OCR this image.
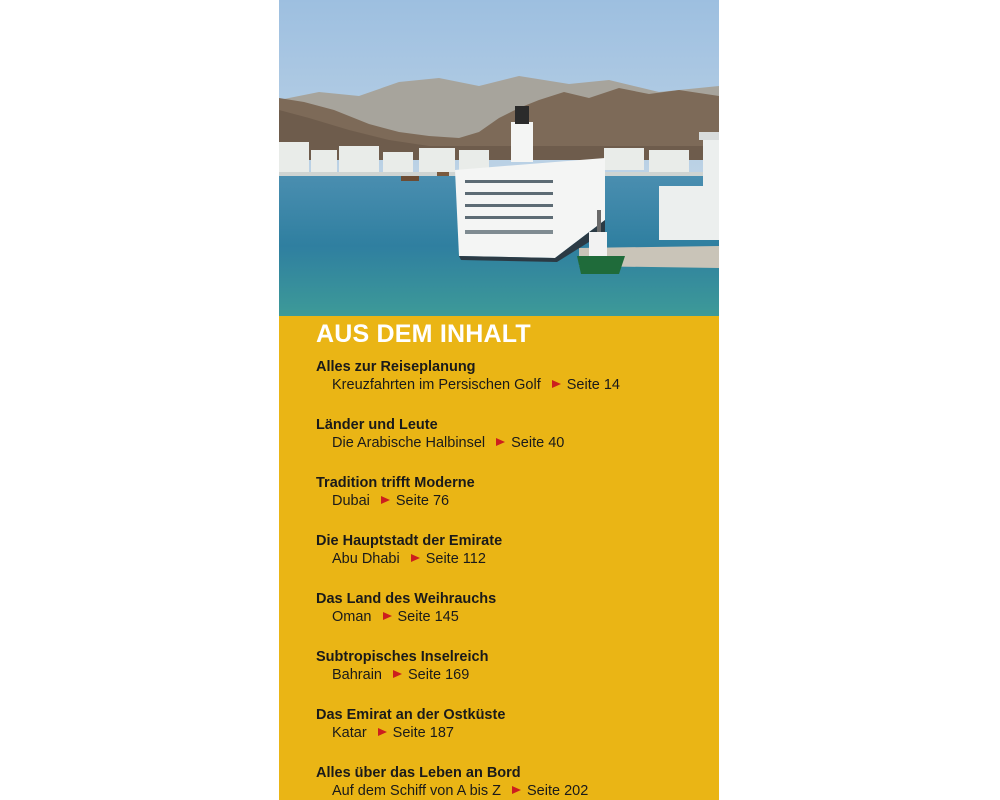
AUS DEM INHALT
Alles zur Reiseplanung
Kreuzfahrten im Persischen Golf Seite 14
Länder und Leute
Die Arabische Halbinsel Seite 40
Tradition trifft Moderne
Dubai Seite 76
Die Hauptstadt der Emirate
Abu Dhabi Seite 112
Das Land des Weihrauchs
Oman Seite 145
Subtropisches Inselreich
Bahrain Seite 169
Das Emirat an der Ostküste
Katar Seite 187
Alles über das Leben an Bord
Auf dem Schiff von A bis Z Seite 202
